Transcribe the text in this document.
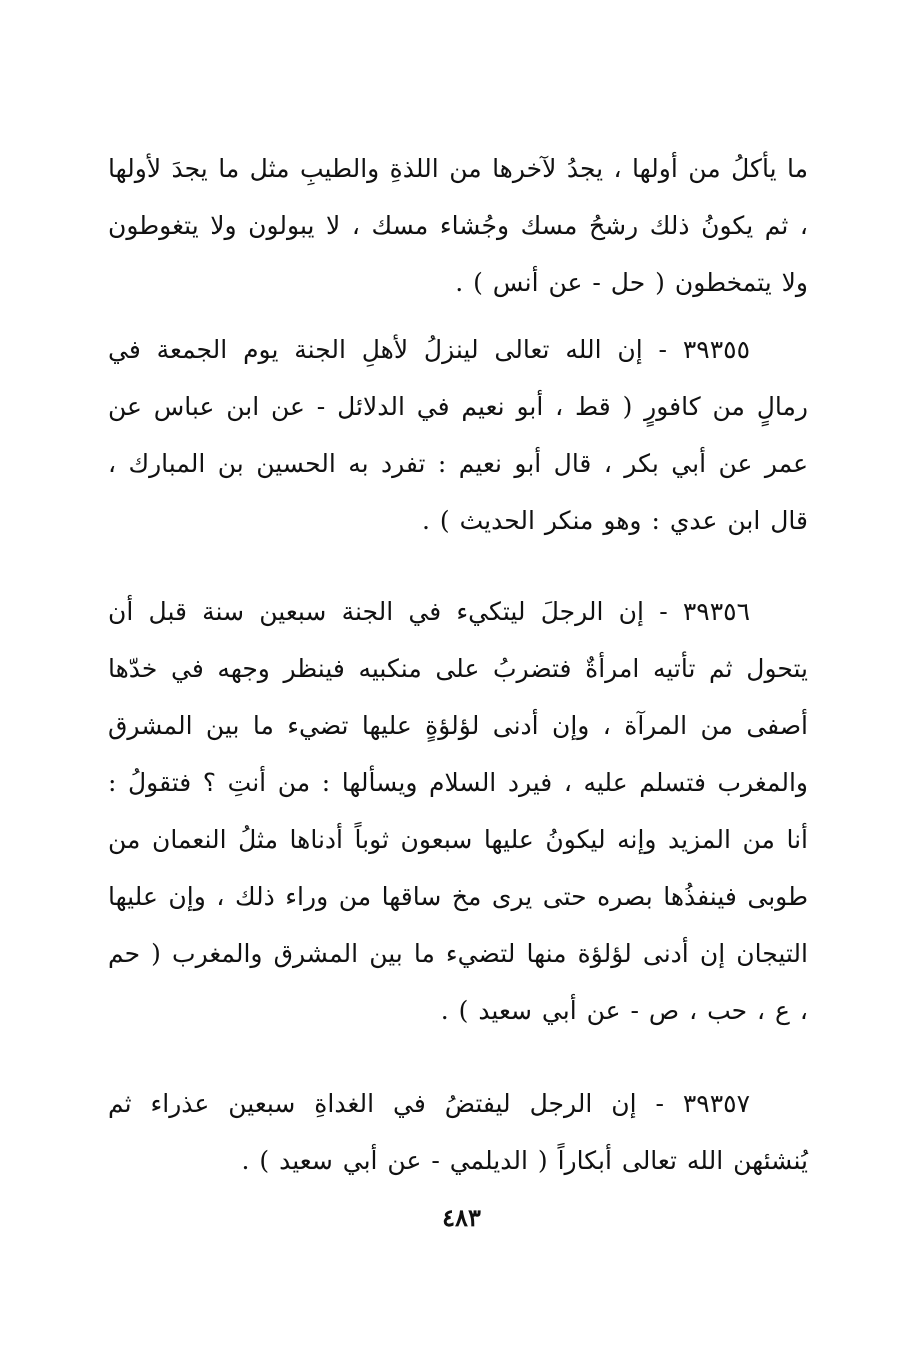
ما يأكلُ من أولها ، يجدُ لآخرها من اللذةِ والطيبِ مثل ما يجدَ لأولها ، ثم يكونُ ذلك رشحُ مسك وجُشاء مسك ، لا يبولون ولا يتغوطون ولا يتمخطون ( حل - عن أنس ) .

٣٩٣٥٥ - إن الله تعالى لينزلُ لأهلِ الجنة يوم الجمعة في رمالٍ من كافورٍ ( قط ، أبو نعيم في الدلائل - عن ابن عباس عن عمر عن أبي بكر ، قال أبو نعيم : تفرد به الحسين بن المبارك ، قال ابن عدي : وهو منكر الحديث ) .

٣٩٣٥٦ - إن الرجلَ ليتكيء في الجنة سبعين سنة قبل أن يتحول ثم تأتيه امرأةٌ فتضربُ على منكبيه فينظر وجهه في خدّها أصفى من المرآة ، وإن أدنى لؤلؤةٍ عليها تضيء ما بين المشرق والمغرب فتسلم عليه ، فيرد السلام ويسألها : من أنتِ ؟ فتقولُ : أنا من المزيد وإنه ليكونُ عليها سبعون ثوباً أدناها مثلُ النعمان من طوبى فينفذُها بصره حتى يرى مخ ساقها من وراء ذلك ، وإن عليها التيجان إن أدنى لؤلؤة منها لتضيء ما بين المشرق والمغرب ( حم ، ع ، حب ، ص - عن أبي سعيد ) .

٣٩٣٥٧ - إن الرجل ليفتضُ في الغداةِ سبعين عذراء ثم يُنشئهن الله تعالى أبكاراً ( الديلمي - عن أبي سعيد ) .

٤٨٣
